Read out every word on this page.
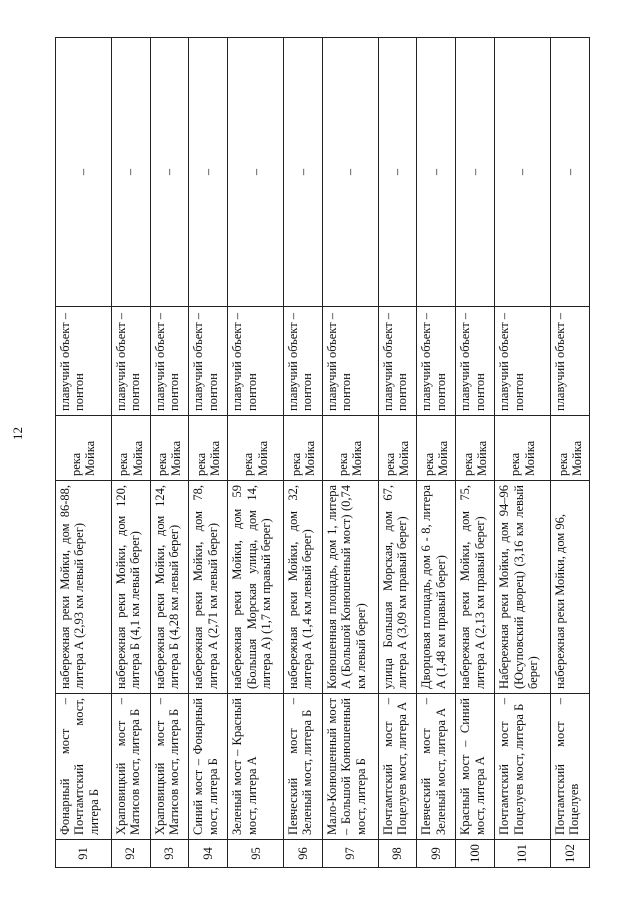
12
91	Фонарный мост – Почтамтский мост, литера Б	набережная реки Мойки, дом 86-88, литера А (2,93 км левый берег)	река Мойка	плавучий объект – понтон	–
92	Храповицкий мост – Матисов мост, литера Б	набережная реки Мойки, дом 120, литера Б (4,1 км левый берег)	река Мойка	плавучий объект – понтон	–
93	Храповицкий мост – Матисов мост, литера Б	набережная реки Мойки, дом 124, литера Б (4,28 км левый берег)	река Мойка	плавучий объект – понтон	–
94	Синий мост – Фонарный мост, литера Б	набережная реки Мойки, дом 78, литера А (2,71 км левый берег)	река Мойка	плавучий объект – понтон	–
95	Зеленый мост – Красный мост, литера А	набережная реки Мойки, дом 59 (Большая Морская улица, дом 14, литера А) (1,7 км правый берег)	река Мойка	плавучий объект – понтон	–
96	Певческий мост – Зеленый мост, литера Б	набережная реки Мойки, дом 32, литера А (1,4 км левый берег)	река Мойка	плавучий объект – понтон	–
97	Мало-Конюшенный мост – Большой Конюшенный мост, литера Б	Конюшенная площадь, дом 1, литера А (Большой Конюшенный мост) (0,74 км левый берег)	река Мойка	плавучий объект – понтон	–
98	Почтамтский мост – Поцелуев мост, литера А	улица Большая Морская, дом 67, литера А (3,09 км правый берег)	река Мойка	плавучий объект – понтон	–
99	Певческий мост – Зеленый мост, литера А	Дворцовая площадь, дом 6 - 8, литера А (1,48 км правый берег)	река Мойка	плавучий объект – понтон	–
100	Красный мост – Синий мост, литера А	набережная реки Мойки, дом 75, литера А (2,13 км правый берег)	река Мойка	плавучий объект – понтон	–
101	Почтамтский мост – Поцелуев мост, литера Б	Набережная реки Мойки, дом 94–96 (Юсуповский дворец) (3,16 км левый берег)	река Мойка	плавучий объект – понтон	–
102	Почтамтский мост – Поцелуев	набережная реки Мойки, дом 96,	река Мойка	плавучий объект –	–
